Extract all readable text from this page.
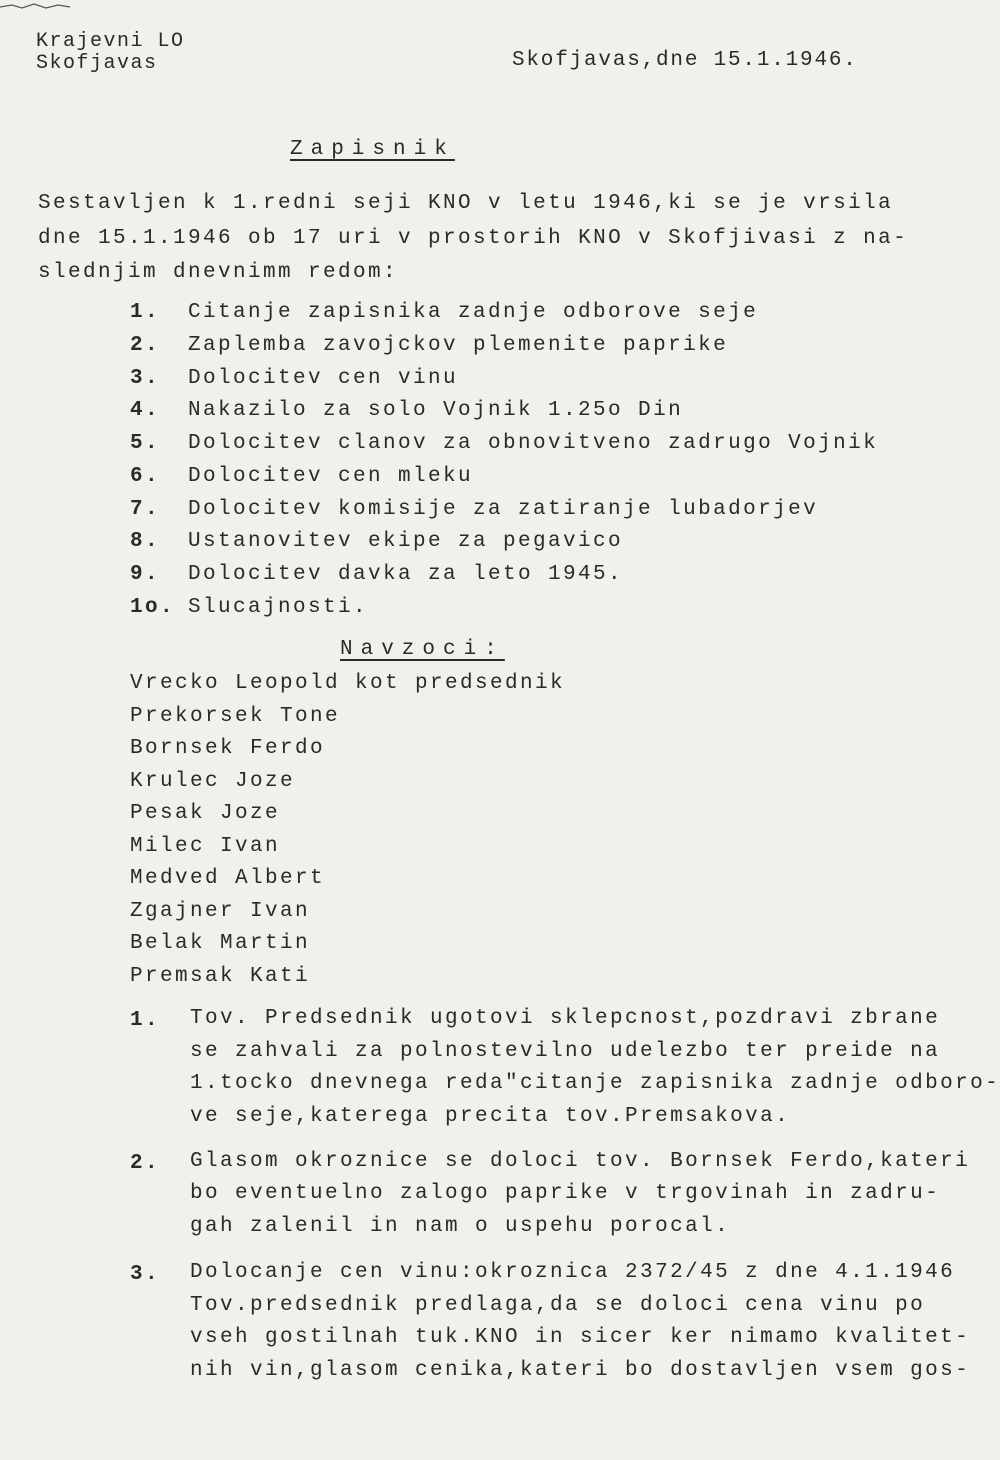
Krajevni LO
Skofjavas	Skofjavas,dne 15.1.1946.
Zapisnik
Sestavljen k 1.redni seji KNO v letu 1946,ki se je vrsila
dne 15.1.1946 ob 17 uri v prostorih KNO v Skofjivasi z na-
slednjim dnevnimm redom:
1. Citanje zapisnika zadnje odborove seje
2. Zaplemba zavojckov plemenite paprike
3. Dolocitev cen vinu
4. Nakazilo za solo Vojnik 1.25o Din
5. Dolocitev clanov za obnovitveno zadrugo Vojnik
6. Dolocitev cen mleku
7. Dolocitev komisije za zatiranje lubadorjev
8. Ustanovitev ekipe za pegavico
9. Dolocitev davka za leto 1945.
1o. Slucajnosti.
Navzoci:
Vrecko Leopold kot predsednik
Prekorsek Tone
Bornsek Ferdo
Krulec Joze
Pesak Joze
Milec Ivan
Medved Albert
Zgajner Ivan
Belak Martin
Premsak Kati
1. Tov. Predsednik ugotovi sklepcnost,pozdravi zbrane
se zahvali za polnostevilno udelezbo ter preide na
1.tocko dnevnega reda"citanje zapisnika zadnje odboro-
ve seje,katerega precita tov.Premsakova.
2. Glasom okroznice se doloci tov. Bornsek Ferdo,kateri
bo eventuelno zalogo paprike v trgovinah in zadru-
gah zalenil in nam o uspehu porocal.
3. Dolocanje cen vinu:okroznica 2372/45 z dne 4.1.1946
Tov.predsednik predlaga,da se doloci cena vinu po
vseh gostilnah tuk.KNO in sicer ker nimamo kvalitet-
nih vin,glasom cenika,kateri bo dostavljen vsem gos-
